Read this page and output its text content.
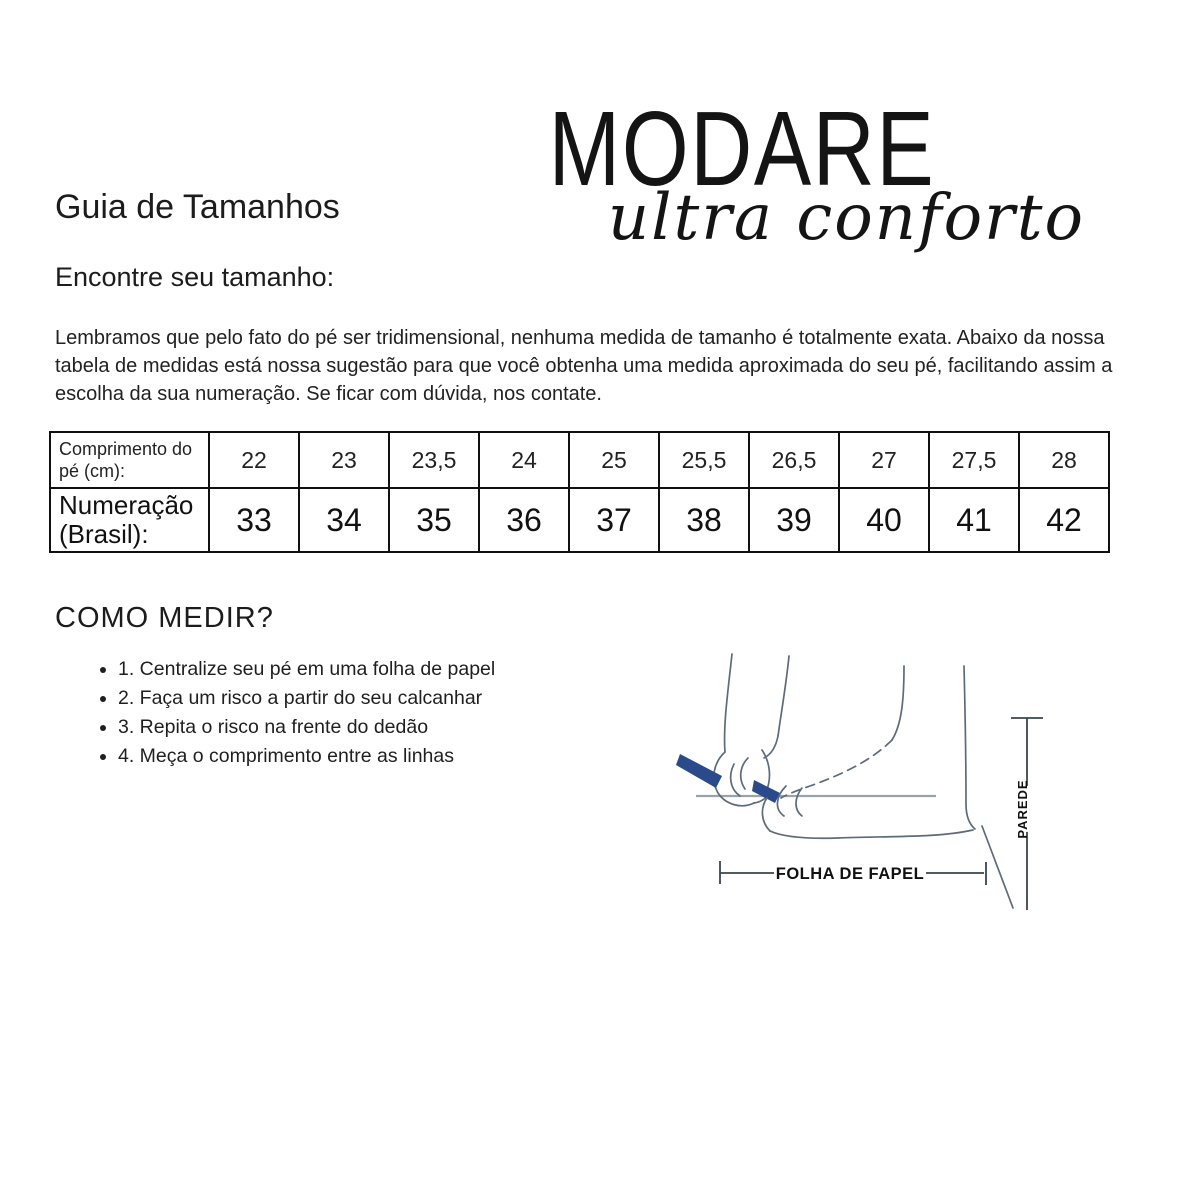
MODARE
ultra conforto
Guia de Tamanhos
Encontre seu tamanho:
Lembramos que pelo fato do pé ser tridimensional, nenhuma medida de tamanho é totalmente exata. Abaixo da nossa tabela de medidas está nossa sugestão para que você obtenha uma medida aproximada do seu pé, facilitando assim a escolha da sua numeração. Se ficar com dúvida, nos contate.
Comprimento do pé (cm):	22	23	23,5	24	25	25,5	26,5	27	27,5	28
Numeração (Brasil):	33	34	35	36	37	38	39	40	41	42
COMO MEDIR?
• 1. Centralize seu pé em uma folha de papel
• 2. Faça um risco a partir do seu calcanhar
• 3. Repita o risco na frente do dedão
• 4. Meça o comprimento entre as linhas
FOLHA DE FAPEL
PAREDE
